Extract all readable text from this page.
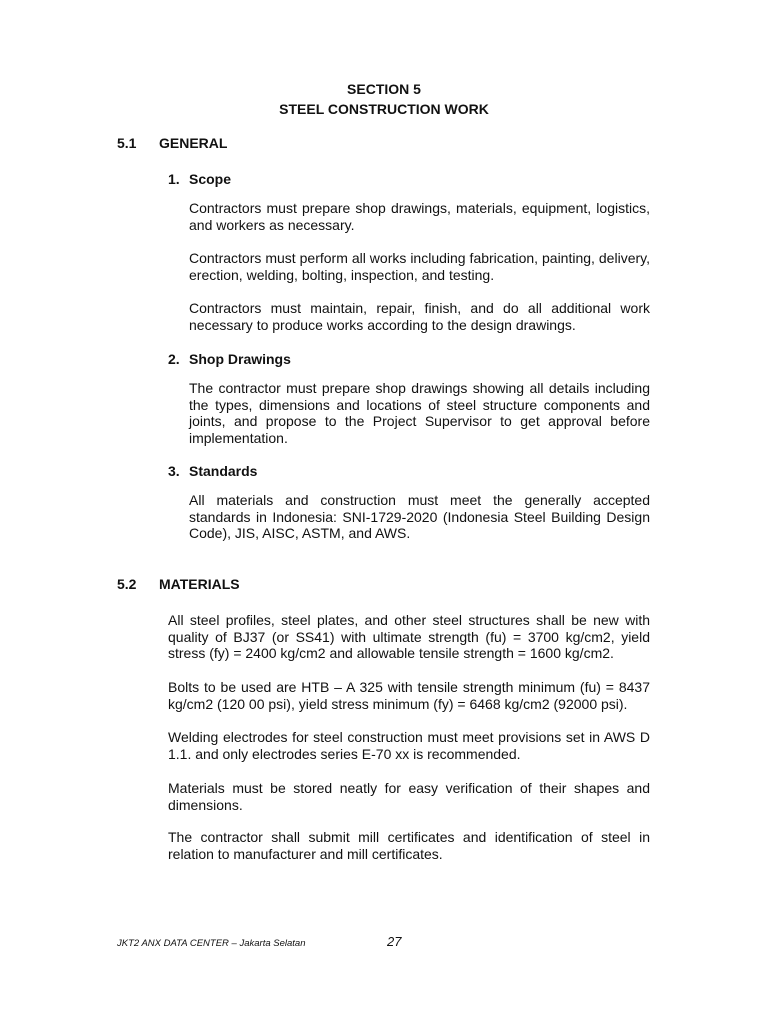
SECTION 5
STEEL CONSTRUCTION WORK
5.1 GENERAL
1. Scope

Contractors must prepare shop drawings, materials, equipment, logistics, and workers as necessary.

Contractors must perform all works including fabrication, painting, delivery, erection, welding, bolting, inspection, and testing.

Contractors must maintain, repair, finish, and do all additional work necessary to produce works according to the design drawings.

2. Shop Drawings

The contractor must prepare shop drawings showing all details including the types, dimensions and locations of steel structure components and joints, and propose to the Project Supervisor to get approval before implementation.

3. Standards

All materials and construction must meet the generally accepted standards in Indonesia: SNI-1729-2020 (Indonesia Steel Building Design Code), JIS, AISC, ASTM, and AWS.

5.2 MATERIALS

All steel profiles, steel plates, and other steel structures shall be new with quality of BJ37 (or SS41) with ultimate strength (fu) = 3700 kg/cm2, yield stress (fy) = 2400 kg/cm2 and allowable tensile strength = 1600 kg/cm2.

Bolts to be used are HTB – A 325 with tensile strength minimum (fu) = 8437 kg/cm2 (120 00 psi), yield stress minimum (fy) = 6468 kg/cm2 (92000 psi).

Welding electrodes for steel construction must meet provisions set in AWS D 1.1. and only electrodes series E-70 xx is recommended.

Materials must be stored neatly for easy verification of their shapes and dimensions.

The contractor shall submit mill certificates and identification of steel in relation to manufacturer and mill certificates.

JKT2 ANX DATA CENTER – Jakarta Selatan	27
